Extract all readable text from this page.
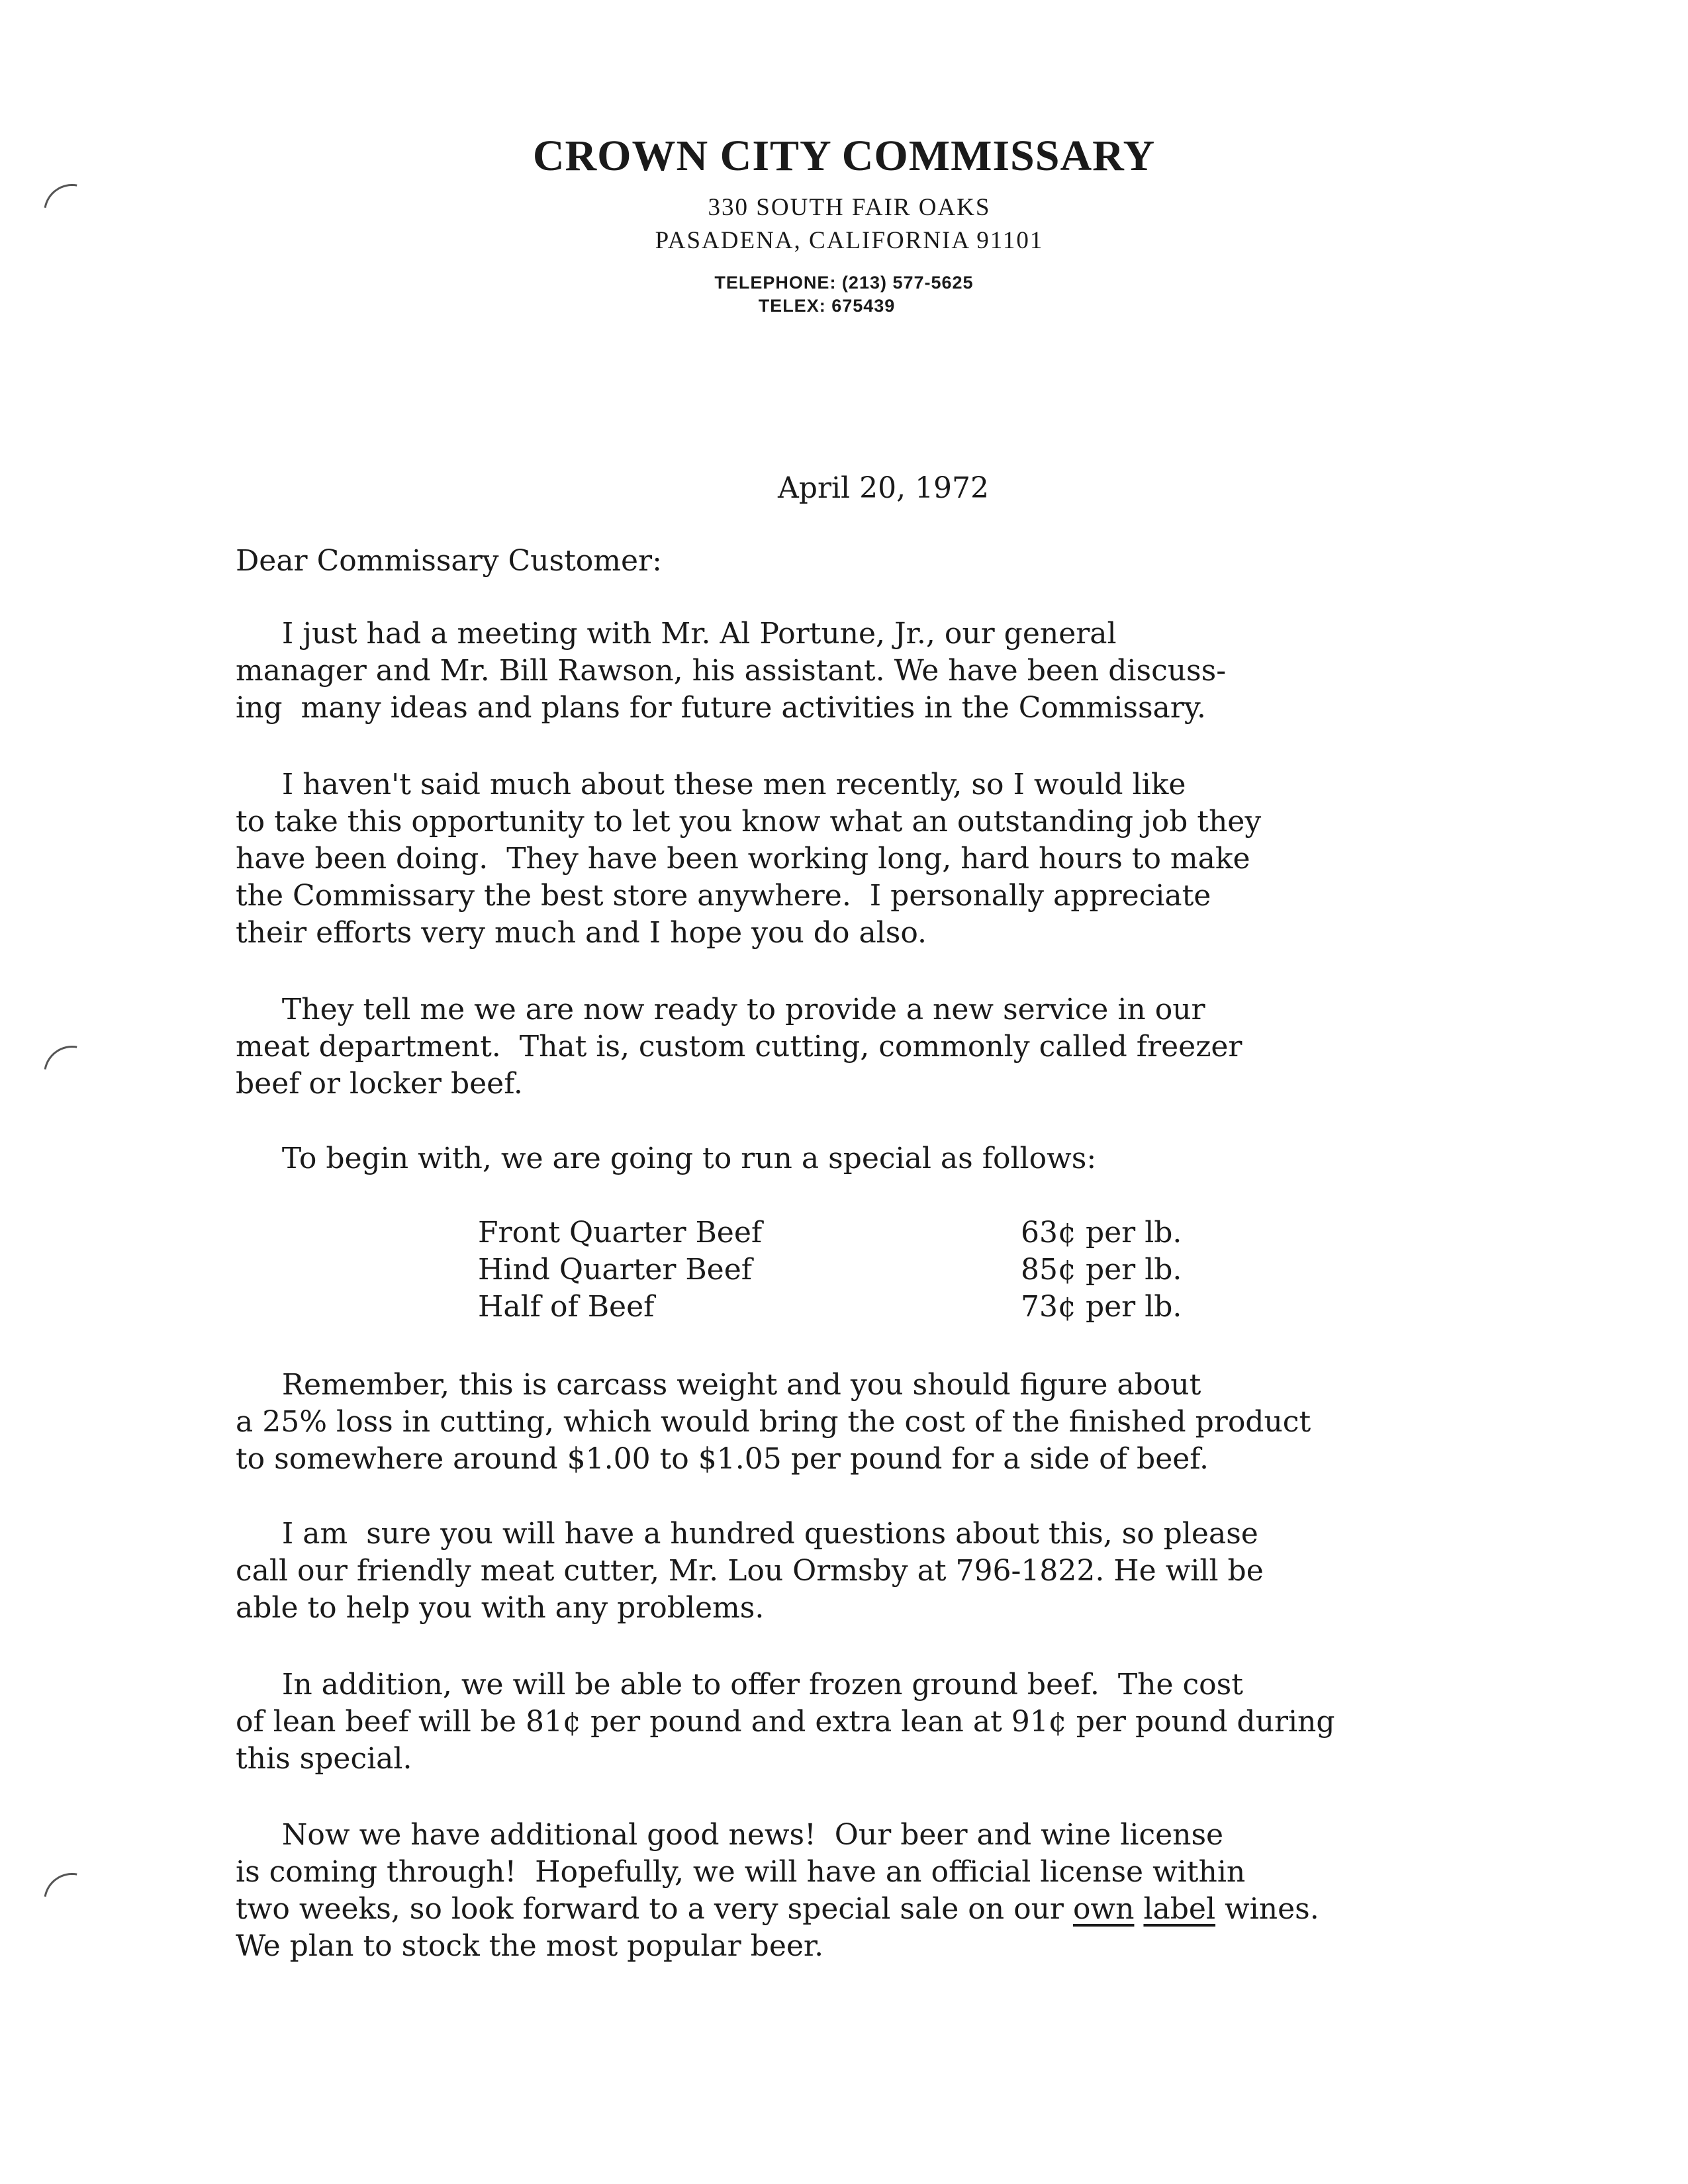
CROWN CITY COMMISSARY
330 SOUTH FAIR OAKS
PASADENA, CALIFORNIA 91101
TELEPHONE: (213) 577-5625
TELEX: 675439
April 20, 1972
Dear Commissary Customer:
I just had a meeting with Mr. Al Portune, Jr., our general
manager and Mr. Bill Rawson, his assistant. We have been discuss-
ing  many ideas and plans for future activities in the Commissary.
I haven't said much about these men recently, so I would like
to take this opportunity to let you know what an outstanding job they
have been doing.  They have been working long, hard hours to make
the Commissary the best store anywhere.  I personally appreciate
their efforts very much and I hope you do also.
They tell me we are now ready to provide a new service in our
meat department.  That is, custom cutting, commonly called freezer
beef or locker beef.
To begin with, we are going to run a special as follows:
Front Quarter Beef	63¢ per lb.
Hind Quarter Beef	85¢ per lb.
Half of Beef	73¢ per lb.
Remember, this is carcass weight and you should figure about
a 25% loss in cutting, which would bring the cost of the finished product
to somewhere around $1.00 to $1.05 per pound for a side of beef.
I am  sure you will have a hundred questions about this, so please
call our friendly meat cutter, Mr. Lou Ormsby at 796-1822. He will be
able to help you with any problems.
In addition, we will be able to offer frozen ground beef.  The cost
of lean beef will be 81¢ per pound and extra lean at 91¢ per pound during
this special.
Now we have additional good news!  Our beer and wine license
is coming through!  Hopefully, we will have an official license within
two weeks, so look forward to a very special sale on our own label wines.
We plan to stock the most popular beer.
